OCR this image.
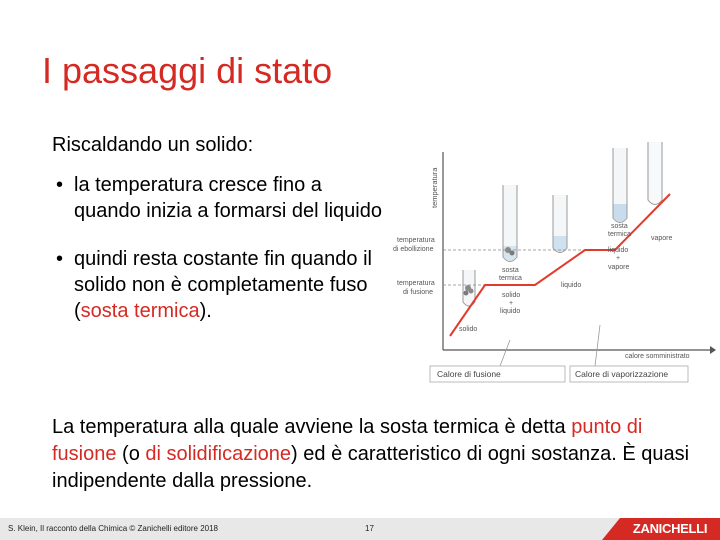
I passaggi di stato
Riscaldando un solido:
• la temperatura cresce fino a quando inizia a formarsi del liquido
• quindi resta costante fin quando il solido non è completamente fuso (sosta termica).
temperatura
temperatura
di ebollizione
temperatura
di fusione
solido
sosta
termica
solido
+
liquido
liquido
sosta
termica
liquido
+
vapore
vapore
calore somministrato
Calore di fusione	Calore di vaporizzazione
La temperatura alla quale avviene la sosta termica è detta punto di fusione (o di solidificazione) ed è caratteristico di ogni sostanza. È quasi indipendente dalla pressione.
S. Klein, Il racconto della Chimica © Zanichelli editore 2018	17	ZANICHELLI
